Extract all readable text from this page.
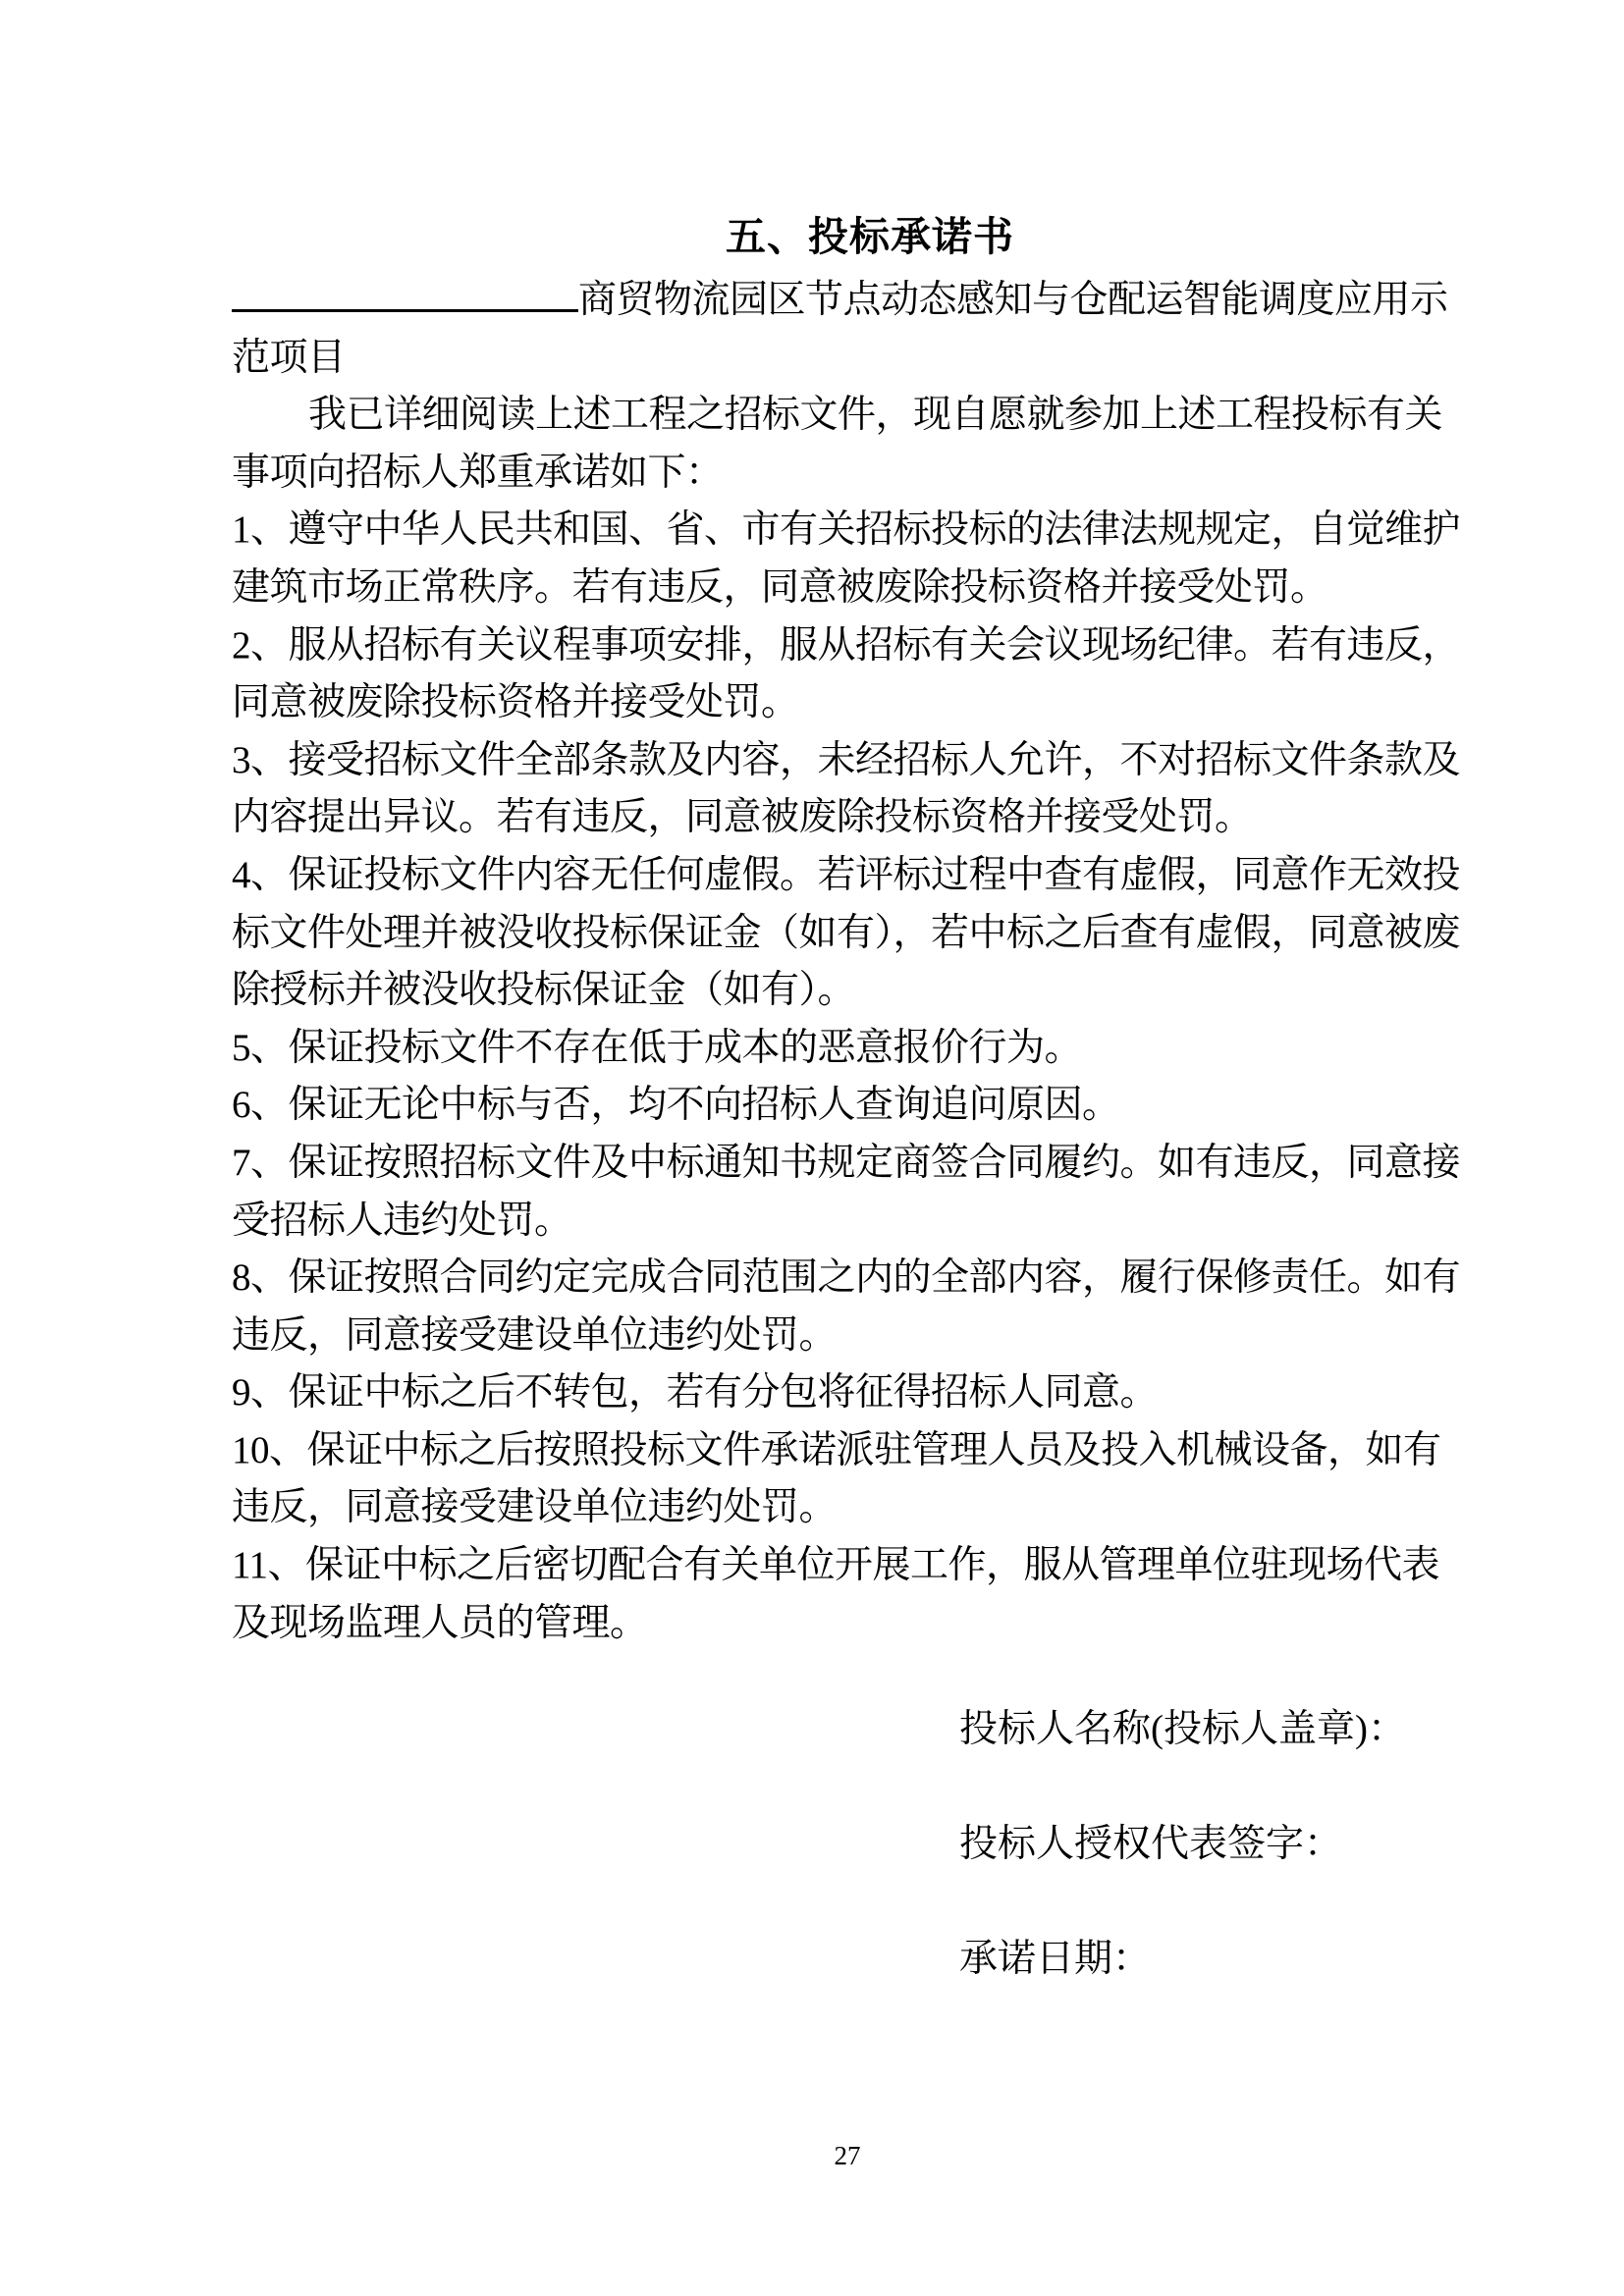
五、投标承诺书
商贸物流园区节点动态感知与仓配运智能调度应用示
范项目
我已详细阅读上述工程之招标文件，现自愿就参加上述工程投标有关
事项向招标人郑重承诺如下：
1、遵守中华人民共和国、省、市有关招标投标的法律法规规定，自觉维护
建筑市场正常秩序。若有违反，同意被废除投标资格并接受处罚。
2、服从招标有关议程事项安排，服从招标有关会议现场纪律。若有违反，
同意被废除投标资格并接受处罚。
3、接受招标文件全部条款及内容，未经招标人允许，不对招标文件条款及
内容提出异议。若有违反，同意被废除投标资格并接受处罚。
4、保证投标文件内容无任何虚假。若评标过程中查有虚假，同意作无效投
标文件处理并被没收投标保证金（如有），若中标之后查有虚假，同意被废
除授标并被没收投标保证金（如有）。
5、保证投标文件不存在低于成本的恶意报价行为。
6、保证无论中标与否，均不向招标人查询追问原因。
7、保证按照招标文件及中标通知书规定商签合同履约。如有违反，同意接
受招标人违约处罚。
8、保证按照合同约定完成合同范围之内的全部内容，履行保修责任。如有
违反，同意接受建设单位违约处罚。
9、保证中标之后不转包，若有分包将征得招标人同意。
10、保证中标之后按照投标文件承诺派驻管理人员及投入机械设备，如有
违反，同意接受建设单位违约处罚。
11、保证中标之后密切配合有关单位开展工作，服从管理单位驻现场代表
及现场监理人员的管理。
投标人名称(投标人盖章)：
投标人授权代表签字：
承诺日期：
27
